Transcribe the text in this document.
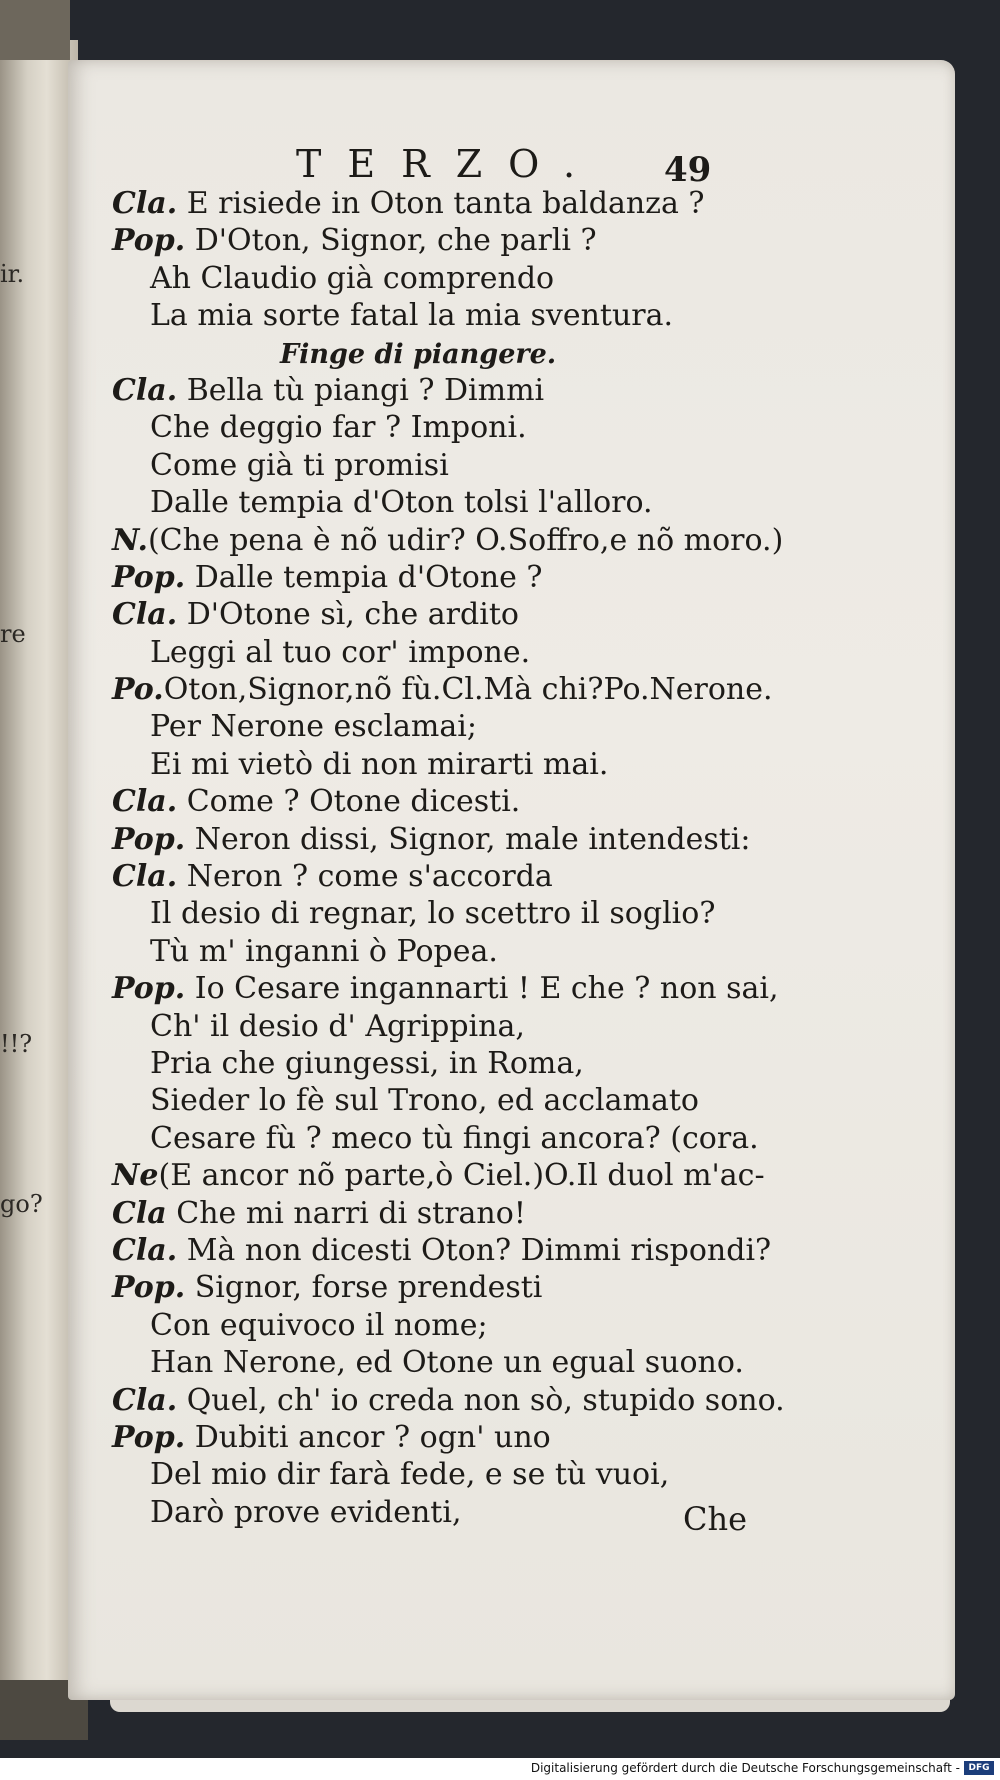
ir.
re
!!?
go?
TERZO. 49
Cla. E risiede in Oton tanta baldanza ?
Pop. D'Oton, Signor, che parli ?
Ah Claudio già comprendo
La mia sorte fatal la mia sventura.
Finge di piangere.
Cla. Bella tù piangi ? Dimmi
Che deggio far ? Imponi.
Come già ti promisi
Dalle tempia d'Oton tolsi l'alloro.
N.(Che pena è nõ udir? O.Soffro,e nõ moro.)
Pop. Dalle tempia d'Otone ?
Cla. D'Otone sì, che ardito
Leggi al tuo cor' impone.
Po.Oton,Signor,nõ fù.Cl.Mà chi?Po.Nerone.
Per Nerone esclamai;
Ei mi vietò di non mirarti mai.
Cla. Come ? Otone dicesti.
Pop. Neron dissi, Signor, male intendesti:
Cla. Neron ? come s'accorda
Il desio di regnar, lo scettro il soglio?
Tù m' inganni ò Popea.
Pop. Io Cesare ingannarti ! E che ? non sai,
Ch' il desio d' Agrippina,
Pria che giungessi, in Roma,
Sieder lo fè sul Trono, ed acclamato
Cesare fù ? meco tù fingi ancora? (cora.
Ne(E ancor nõ parte,ò Ciel.)O.Il duol m'ac-
Cla Che mi narri di strano!
Cla. Mà non dicesti Oton? Dimmi rispondi?
Pop. Signor, forse prendesti
Con equivoco il nome;
Han Nerone, ed Otone un egual suono.
Cla. Quel, ch' io creda non sò, stupido sono.
Pop. Dubiti ancor ? ogn' uno
Del mio dir farà fede, e se tù vuoi,
Darò prove evidenti,	Che
Digitalisierung gefördert durch die Deutsche Forschungsgemeinschaft - DFG
